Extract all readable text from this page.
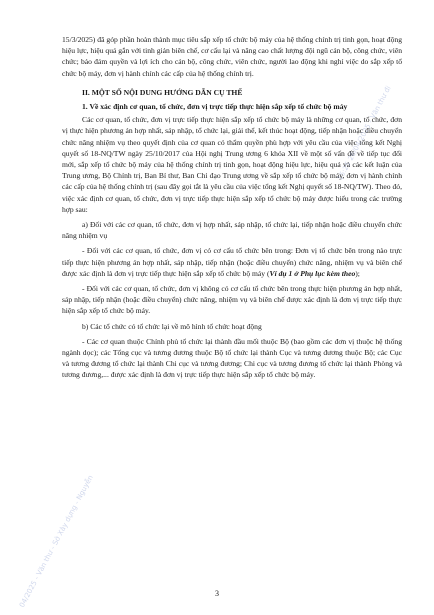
15/3/2025) đã góp phần hoàn thành mục tiêu sắp xếp tổ chức bộ máy của hệ thống chính trị tinh gọn, hoạt động hiệu lực, hiệu quả gắn với tinh giản biên chế, cơ cấu lại và nâng cao chất lượng đội ngũ cán bộ, công chức, viên chức; bảo đảm quyền và lợi ích cho cán bộ, công chức, viên chức, người lao động khi nghỉ việc do sắp xếp tổ chức bộ máy, đơn vị hành chính các cấp của hệ thống chính trị.

II. MỘT SỐ NỘI DUNG HƯỚNG DẪN CỤ THỂ

1. Về xác định cơ quan, tổ chức, đơn vị trực tiếp thực hiện sắp xếp tổ chức bộ máy

Các cơ quan, tổ chức, đơn vị trực tiếp thực hiện sắp xếp tổ chức bộ máy là những cơ quan, tổ chức, đơn vị thực hiện phương án hợp nhất, sáp nhập, tổ chức lại, giải thể, kết thúc hoạt động, tiếp nhận hoặc điều chuyển chức năng nhiệm vụ theo quyết định của cơ quan có thẩm quyền phù hợp với yêu cầu của việc tổng kết Nghị quyết số 18-NQ/TW ngày 25/10/2017 của Hội nghị Trung ương 6 khóa XII về một số vấn đề về tiếp tục đổi mới, sắp xếp tổ chức bộ máy của hệ thống chính trị tinh gọn, hoạt động hiệu lực, hiệu quả và các kết luận của Trung ương, Bộ Chính trị, Ban Bí thư, Ban Chỉ đạo Trung ương về sắp xếp tổ chức bộ máy, đơn vị hành chính các cấp của hệ thống chính trị (sau đây gọi tắt là yêu cầu của việc tổng kết Nghị quyết số 18-NQ/TW). Theo đó, việc xác định cơ quan, tổ chức, đơn vị trực tiếp thực hiện sắp xếp tổ chức bộ máy được hiểu trong các trường hợp sau:

a) Đối với các cơ quan, tổ chức, đơn vị hợp nhất, sáp nhập, tổ chức lại, tiếp nhận hoặc điều chuyển chức năng nhiệm vụ

- Đối với các cơ quan, tổ chức, đơn vị có cơ cấu tổ chức bên trong: Đơn vị tổ chức bên trong nào trực tiếp thực hiện phương án hợp nhất, sáp nhập, tiếp nhận (hoặc điều chuyển) chức năng, nhiệm vụ và biên chế được xác định là đơn vị trực tiếp thực hiện sắp xếp tổ chức bộ máy (Ví dụ 1 ở Phụ lục kèm theo);

- Đối với các cơ quan, tổ chức, đơn vị không có cơ cấu tổ chức bên trong thực hiện phương án hợp nhất, sáp nhập, tiếp nhận (hoặc điều chuyển) chức năng, nhiệm vụ và biên chế được xác định là đơn vị trực tiếp thực hiện sắp xếp tổ chức bộ máy.

b) Các tổ chức có tổ chức lại về mô hình tổ chức hoạt động

- Các cơ quan thuộc Chính phủ tổ chức lại thành đầu mối thuộc Bộ (bao gồm các đơn vị thuộc hệ thống ngành dọc); các Tổng cục và tương đương thuộc Bộ tổ chức lại thành Cục và tương đương thuộc Bộ; các Cục và tương đương tổ chức lại thành Chi cục và tương đương; Chi cục và tương đương tổ chức lại thành Phòng và tương đương,... được xác định là đơn vị trực tiếp thực hiện sắp xếp tổ chức bộ máy.

3
04/2025 - Văn thư - Sở Xây dựng - Nguyễn
15:25 26/04/2025 - Văn thư đi
